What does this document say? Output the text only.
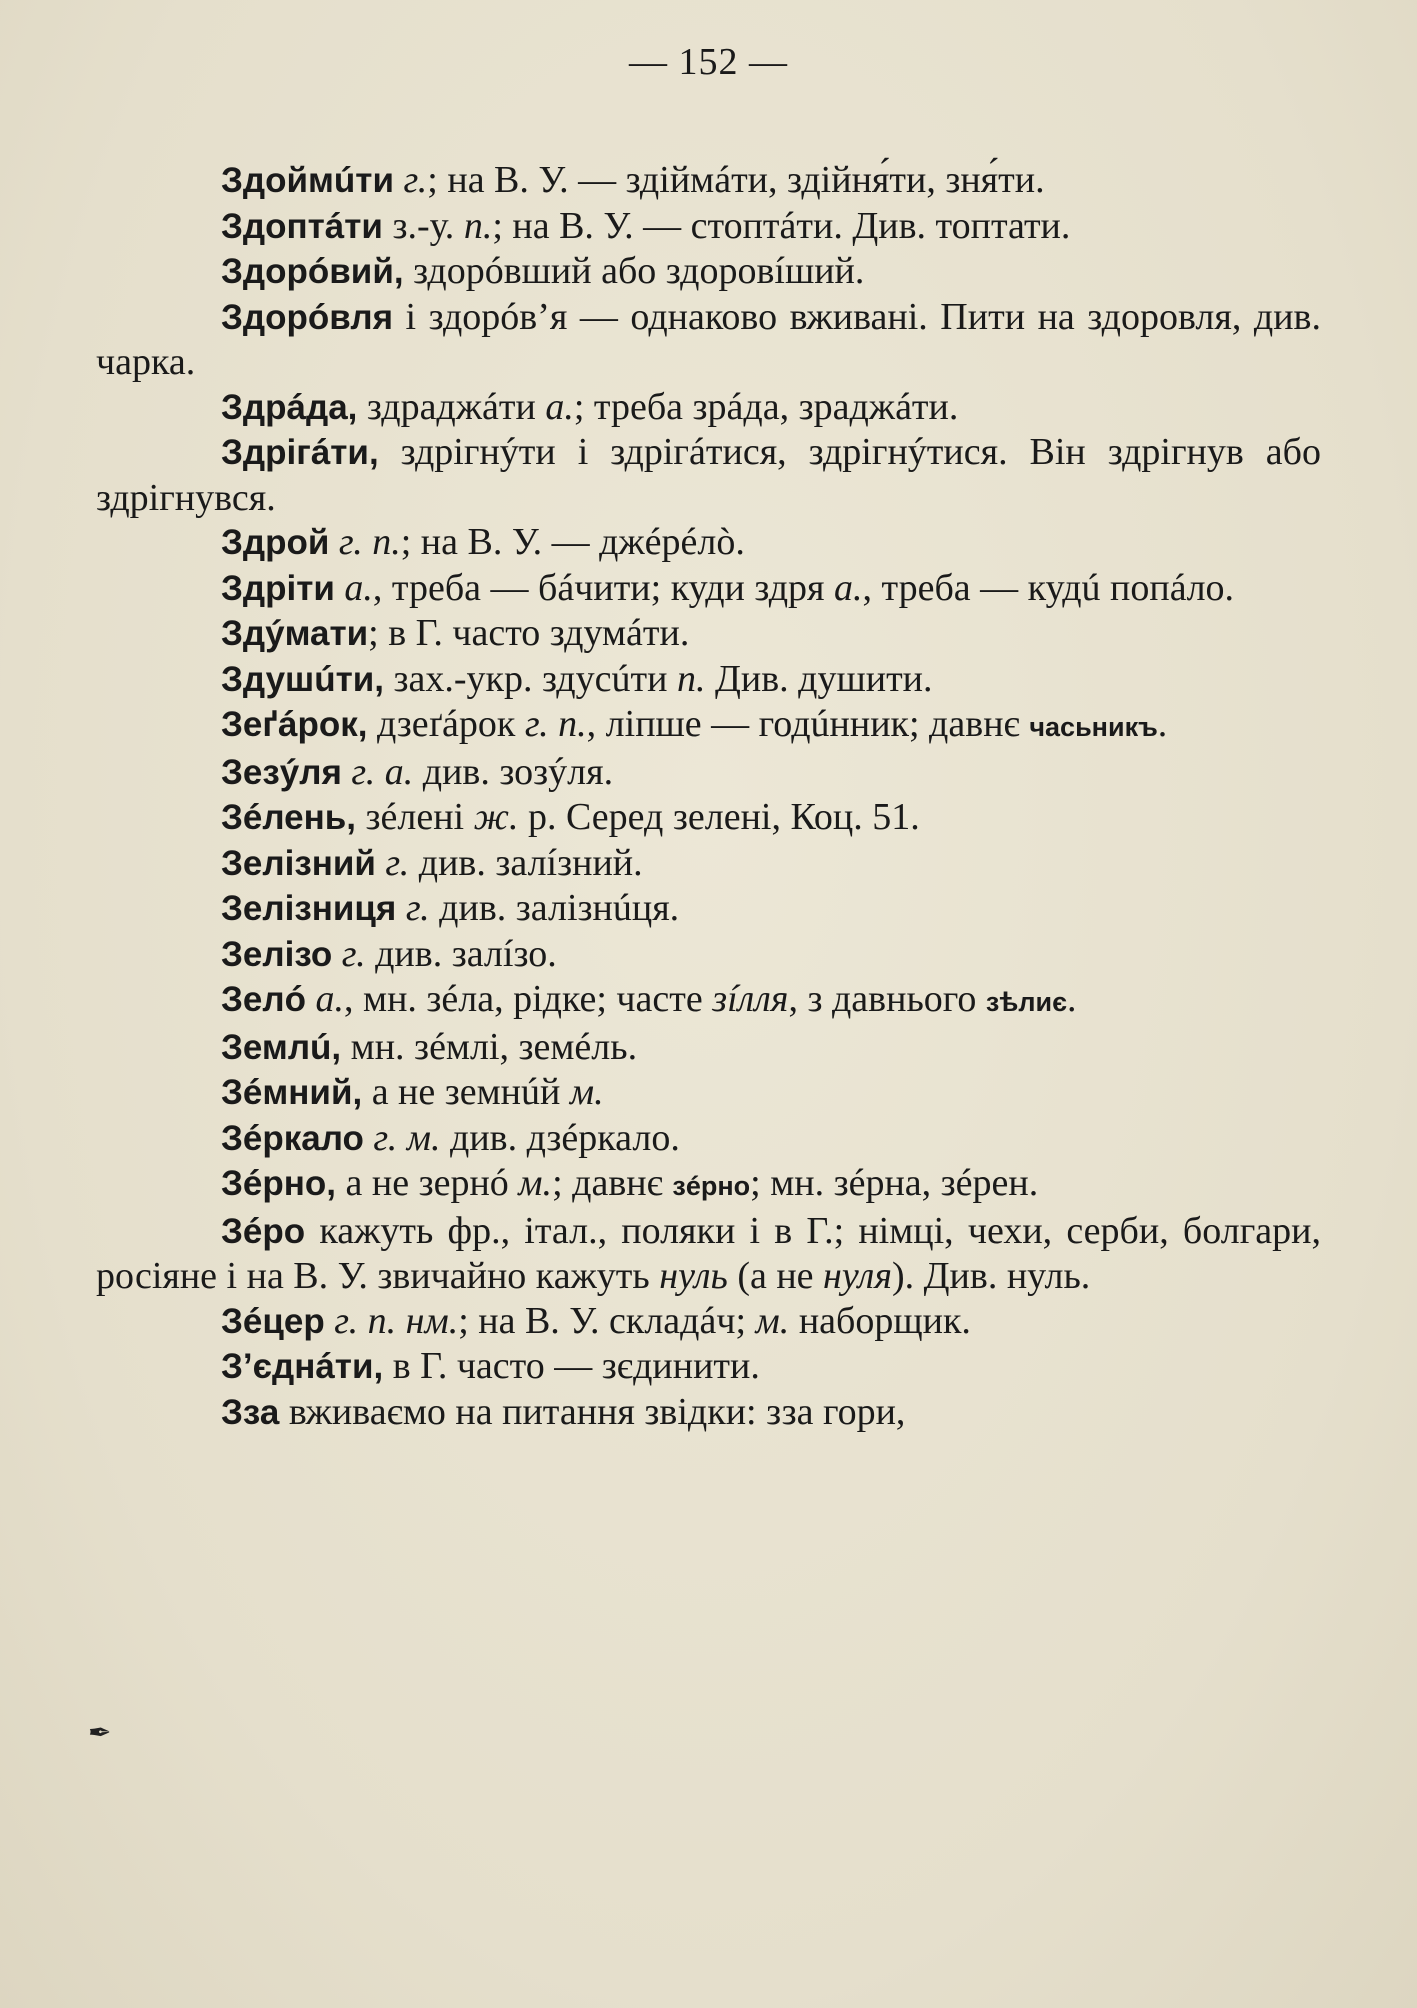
— 152 —
✒

Здоймúти г.; на В. У. — здіймáти, здійня́ти, зня́ти.

Здоптáти з.-у. п.; на В. У. — стоптáти. Див. топтати.

Здорóвий, здорóвший або здоровíший.

Здорóвля і здорóв’я — однаково вживані. Пити на здоровля, див. чарка.

Здрáда, здраджáти а.; треба зрáда, зраджáти.

Здрігáти, здрігнýти і здрігáтися, здрігнýтися. Він здрігнув або здрігнувся.

Здрой г. п.; на В. У. — джéрéлò.

Здріти а., треба — бáчити; куди здря а., треба — кудú попáло.

Здýмати; в Г. часто здумáти.

Здушúти, зах.-укр. здусúти п. Див. душити.

Зеґáрок, дзеґáрок г. п., ліпше — годúнник; давнє часьникъ.

Зезýля г. а. див. зозýля.

Зéлень, зéлені ж. р. Серед зелені, Коц. 51.

Зелізний г. див. залíзний.

Зелізниця г. див. залізнúця.

Зелізо г. див. залíзо.

Зелó а., мн. зéла, рідке; часте зíлля, з давнього зѣлиє.

Землú, мн. зéмлі, земéль.

Зéмний, а не земнúй м.

Зéркало г. м. див. дзéркало.

Зéрно, а не зернó м.; давнє зéрно; мн. зéрна, зéрен.

Зéро кажуть фр., італ., поляки і в Г.; німці, чехи, серби, болгари, росіяне і на В. У. звичайно кажуть нуль (а не нуля). Див. нуль.

Зéцер г. п. нм.; на В. У. складáч; м. наборщик.

З’єднáти, в Г. часто — зєдинити.

Зза вживаємо на питання звідки: зза гори,
